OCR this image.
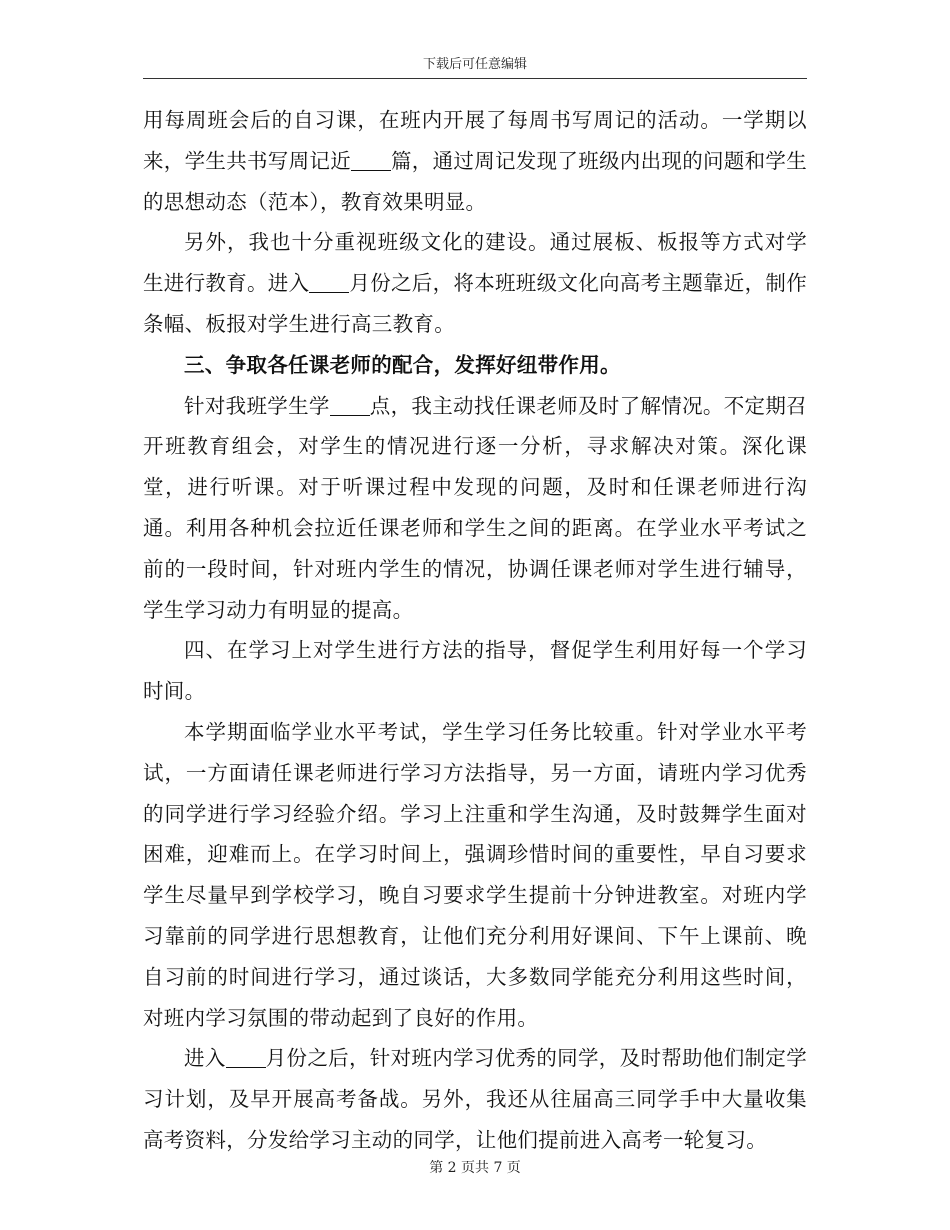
下载后可任意编辑

用每周班会后的自习课，在班内开展了每周书写周记的活动。一学期以来，学生共书写周记近 篇，通过周记发现了班级内出现的问题和学生的思想动态（范本），教育效果明显。

另外，我也十分重视班级文化的建设。通过展板、板报等方式对学生进行教育。进入 月份之后，将本班班级文化向高考主题靠近，制作条幅、板报对学生进行高三教育。

三、争取各任课老师的配合，发挥好纽带作用。

针对我班学生学 点，我主动找任课老师及时了解情况。不定期召开班教育组会，对学生的情况进行逐一分析，寻求解决对策。深化课堂，进行听课。对于听课过程中发现的问题，及时和任课老师进行沟通。利用各种机会拉近任课老师和学生之间的距离。在学业水平考试之前的一段时间，针对班内学生的情况，协调任课老师对学生进行辅导，学生学习动力有明显的提高。

四、在学习上对学生进行方法的指导，督促学生利用好每一个学习时间。

本学期面临学业水平考试，学生学习任务比较重。针对学业水平考试，一方面请任课老师进行学习方法指导，另一方面，请班内学习优秀的同学进行学习经验介绍。学习上注重和学生沟通，及时鼓舞学生面对困难，迎难而上。在学习时间上，强调珍惜时间的重要性，早自习要求学生尽量早到学校学习，晚自习要求学生提前十分钟进教室。对班内学习靠前的同学进行思想教育，让他们充分利用好课间、下午上课前、晚自习前的时间进行学习，通过谈话，大多数同学能充分利用这些时间，对班内学习氛围的带动起到了良好的作用。

进入 月份之后，针对班内学习优秀的同学，及时帮助他们制定学习计划，及早开展高考备战。另外，我还从往届高三同学手中大量收集高考资料，分发给学习主动的同学，让他们提前进入高考一轮复习。

第 2 页共 7 页
